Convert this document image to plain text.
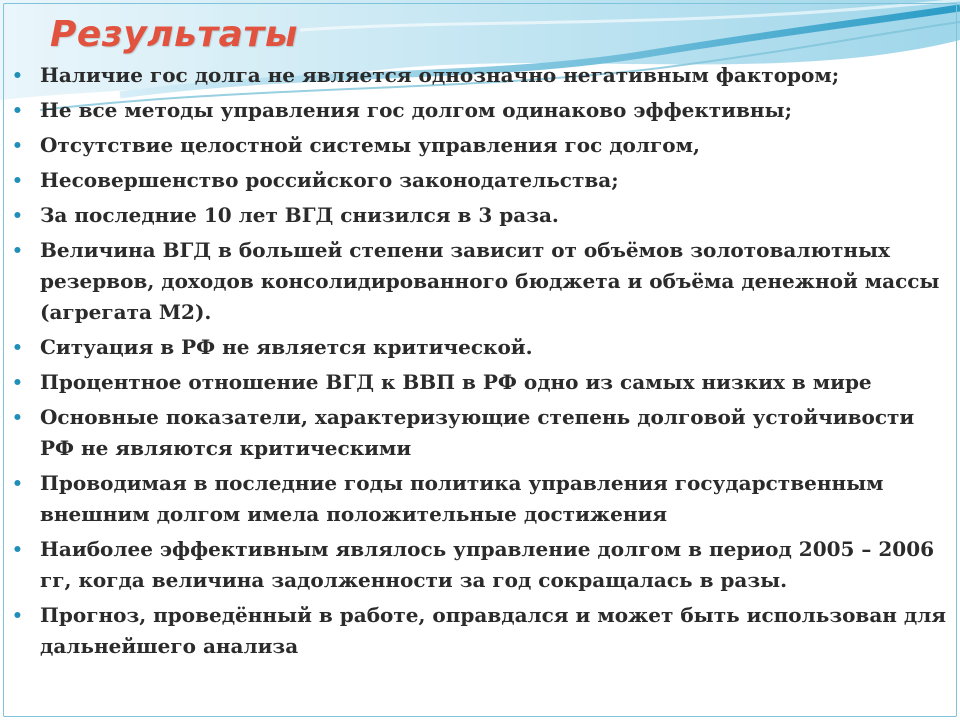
Результаты
• Наличие гос долга не является однозначно негативным фактором;
• Не все методы управления гос долгом одинаково эффективны;
• Отсутствие целостной системы управления гос долгом,
• Несовершенство российского законодательства;
• За последние 10 лет ВГД снизился в 3 раза.
• Величина ВГД в большей степени зависит от объёмов золотовалютных резервов, доходов консолидированного бюджета и объёма денежной массы (агрегата М2).
• Ситуация в РФ не является критической.
• Процентное отношение ВГД к ВВП в РФ одно из самых низких в мире
• Основные показатели, характеризующие степень долговой устойчивости РФ не являются критическими
• Проводимая в последние годы политика управления государственным внешним долгом имела положительные достижения
• Наиболее эффективным являлось управление долгом в период 2005 – 2006 гг, когда величина задолженности за год сокращалась в разы.
• Прогноз, проведённый в работе, оправдался и может быть использован для дальнейшего анализа
